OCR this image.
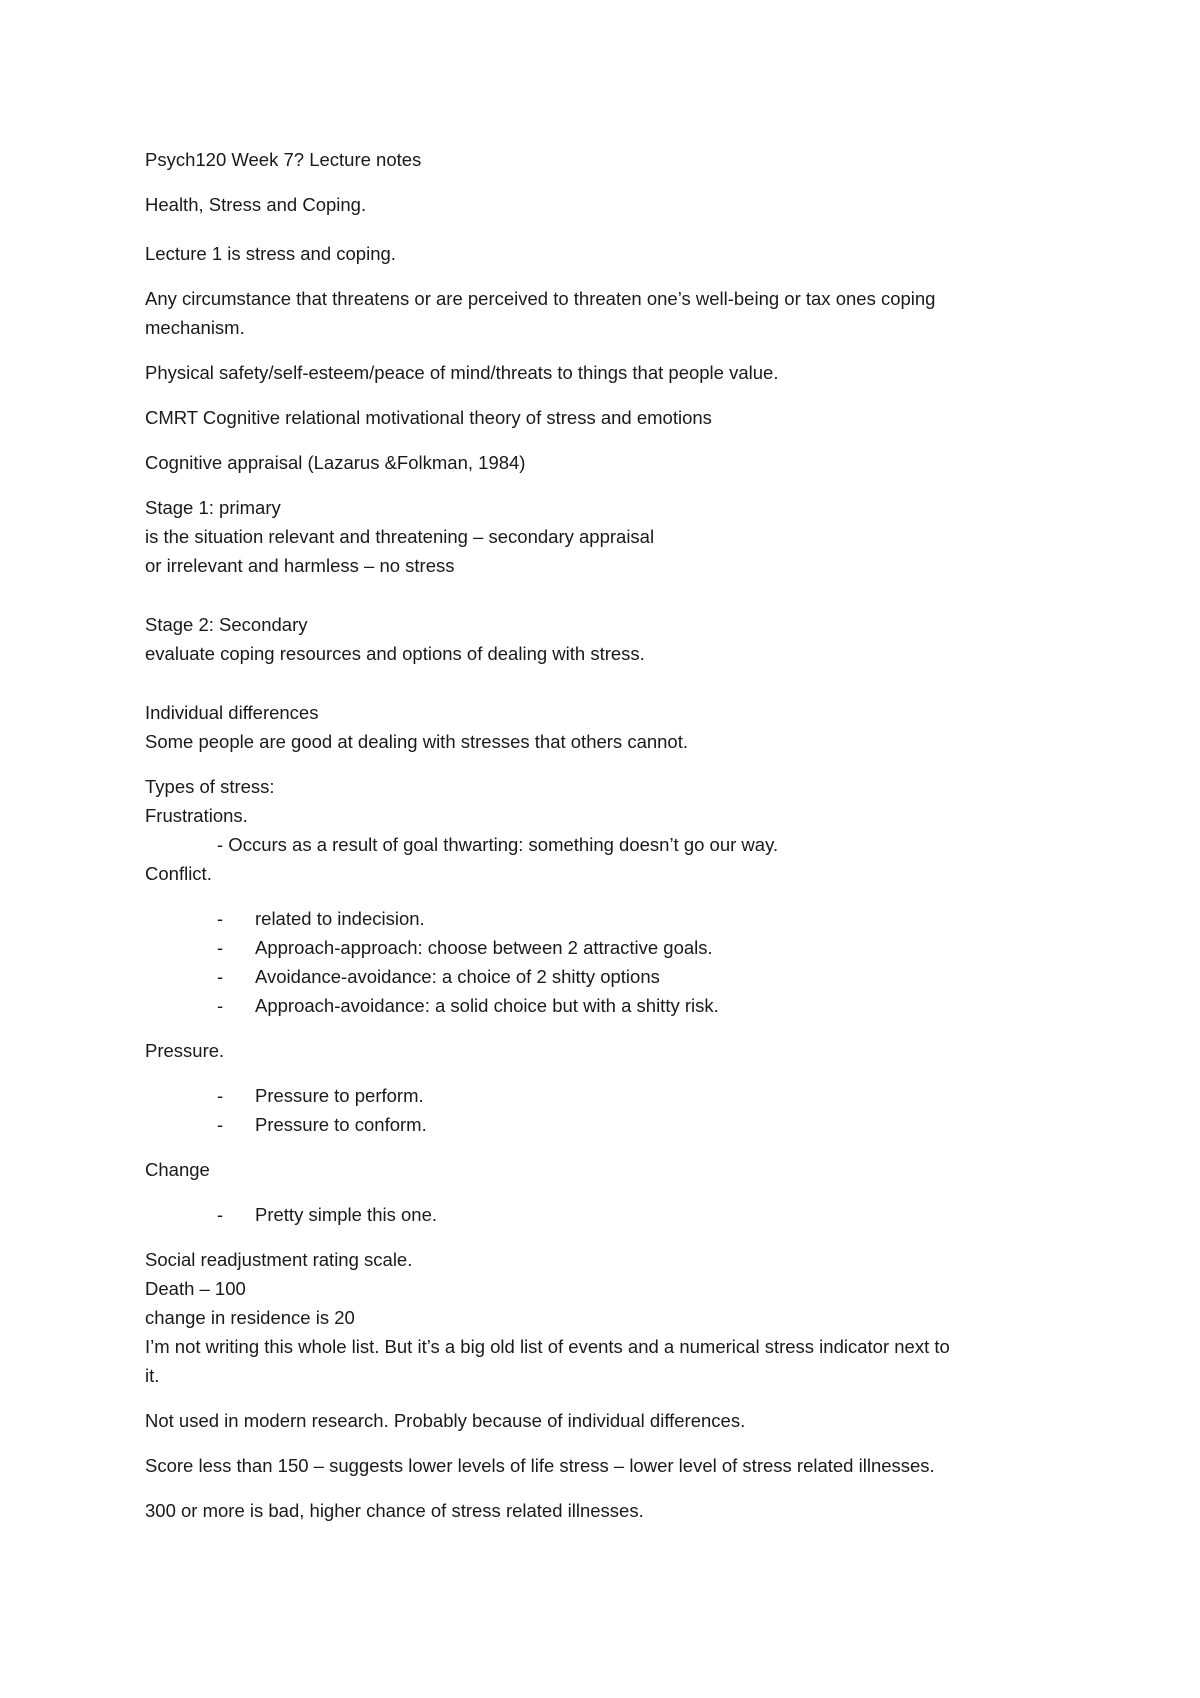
Psych120 Week 7? Lecture notes

Health, Stress and Coping.

Lecture 1 is stress and coping.

Any circumstance that threatens or are perceived to threaten one’s well-being or tax ones coping
mechanism.

Physical safety/self-esteem/peace of mind/threats to things that people value.

CMRT Cognitive relational motivational theory of stress and emotions

Cognitive appraisal (Lazarus &Folkman, 1984)

Stage 1: primary
is the situation relevant and threatening – secondary appraisal
or irrelevant and harmless – no stress

Stage 2: Secondary
evaluate coping resources and options of dealing with stress.

Individual differences
Some people are good at dealing with stresses that others cannot.

Types of stress:
Frustrations.
- Occurs as a result of goal thwarting: something doesn’t go our way.
Conflict.

- related to indecision.
- Approach-approach: choose between 2 attractive goals.
- Avoidance-avoidance: a choice of 2 shitty options
- Approach-avoidance: a solid choice but with a shitty risk.

Pressure.

- Pressure to perform.
- Pressure to conform.

Change

- Pretty simple this one.

Social readjustment rating scale.
Death – 100
change in residence is 20
I’m not writing this whole list. But it’s a big old list of events and a numerical stress indicator next to
it.

Not used in modern research. Probably because of individual differences.

Score less than 150 – suggests lower levels of life stress – lower level of stress related illnesses.

300 or more is bad, higher chance of stress related illnesses.
